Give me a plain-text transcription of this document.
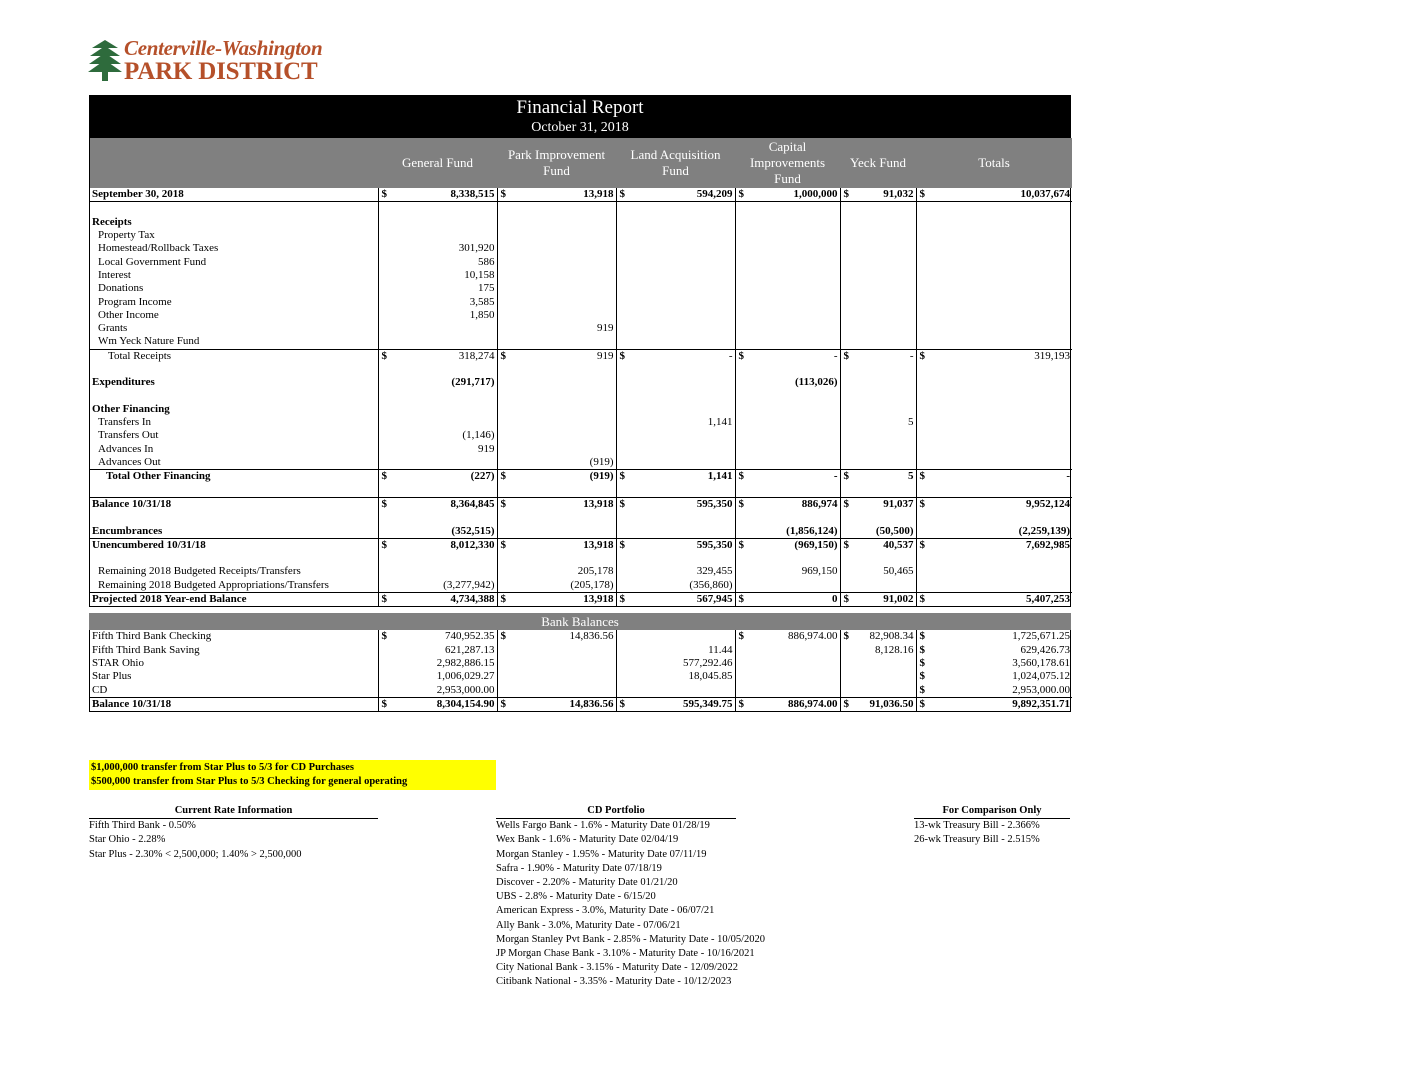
Centerville-Washington
PARK DISTRICT
Financial Report
October 31, 2018
	General Fund	Park Improvement Fund	Land Acquisition Fund	Capital Improvements Fund	Yeck Fund	Totals
September 30, 2018	$ 8,338,515	$ 13,918	$ 594,209	$ 1,000,000	$ 91,032	$ 10,037,674

Receipts						
Property Tax						
Homestead/Rollback Taxes	301,920					
Local Government Fund	586					
Interest	10,158					
Donations	175					
Program Income	3,585					
Other Income	1,850					
Grants		919				
Wm Yeck Nature Fund						
Total Receipts	$ 318,274	$ 919	$ -	$ -	$ -	$ 319,193

Expenditures	(291,717)			(113,026)		

Other Financing						
Transfers In			1,141		5	
Transfers Out	(1,146)					
Advances In	919					
Advances Out		(919)				
Total Other Financing	$ (227)	$ (919)	$ 1,141	$ -	$ 5	$ -

Balance 10/31/18	$ 8,364,845	$ 13,918	$ 595,350	$ 886,974	$ 91,037	$ 9,952,124

Encumbrances	(352,515)			(1,856,124)	(50,500)	(2,259,139)
Unencumbered 10/31/18	$ 8,012,330	$ 13,918	$ 595,350	$ (969,150)	$ 40,537	$ 7,692,985

Remaining 2018 Budgeted Receipts/Transfers		205,178	329,455	969,150	50,465	
Remaining 2018 Budgeted Appropriations/Transfers	(3,277,942)	(205,178)	(356,860)			
Projected 2018 Year-end Balance	$ 4,734,388	$ 13,918	$ 567,945	$ 0	$ 91,002	$ 5,407,253
Bank Balances
Fifth Third Bank Checking	$ 740,952.35	$ 14,836.56		$ 886,974.00	$ 82,908.34	$ 1,725,671.25
Fifth Third Bank Saving	621,287.13		11.44		8,128.16	$ 629,426.73
STAR Ohio	2,982,886.15		577,292.46			$ 3,560,178.61
Star Plus	1,006,029.27		18,045.85			$ 1,024,075.12
CD	2,953,000.00					$ 2,953,000.00
Balance 10/31/18	$ 8,304,154.90	$ 14,836.56	$ 595,349.75	$ 886,974.00	$ 91,036.50	$ 9,892,351.71
$1,000,000 transfer from Star Plus to 5/3 for CD Purchases
$500,000 transfer from Star Plus to 5/3 Checking for general operating
Current Rate Information
Fifth Third Bank - 0.50%
Star Ohio - 2.28%
Star Plus - 2.30% < 2,500,000; 1.40% > 2,500,000
CD Portfolio
Wells Fargo Bank - 1.6% - Maturity Date 01/28/19
Wex Bank - 1.6% - Maturity Date 02/04/19
Morgan Stanley - 1.95% - Maturity Date 07/11/19
Safra - 1.90% - Maturity Date 07/18/19
Discover - 2.20% - Maturity Date 01/21/20
UBS - 2.8% - Maturity Date - 6/15/20
American Express - 3.0%, Maturity Date - 06/07/21
Ally Bank - 3.0%, Maturity Date - 07/06/21
Morgan Stanley Pvt Bank - 2.85% - Maturity Date - 10/05/2020
JP Morgan Chase Bank - 3.10% - Maturity Date - 10/16/2021
City National Bank - 3.15% - Maturity Date - 12/09/2022
Citibank National - 3.35% - Maturity Date - 10/12/2023
For Comparison Only
13-wk Treasury Bill - 2.366%
26-wk Treasury Bill - 2.515%
